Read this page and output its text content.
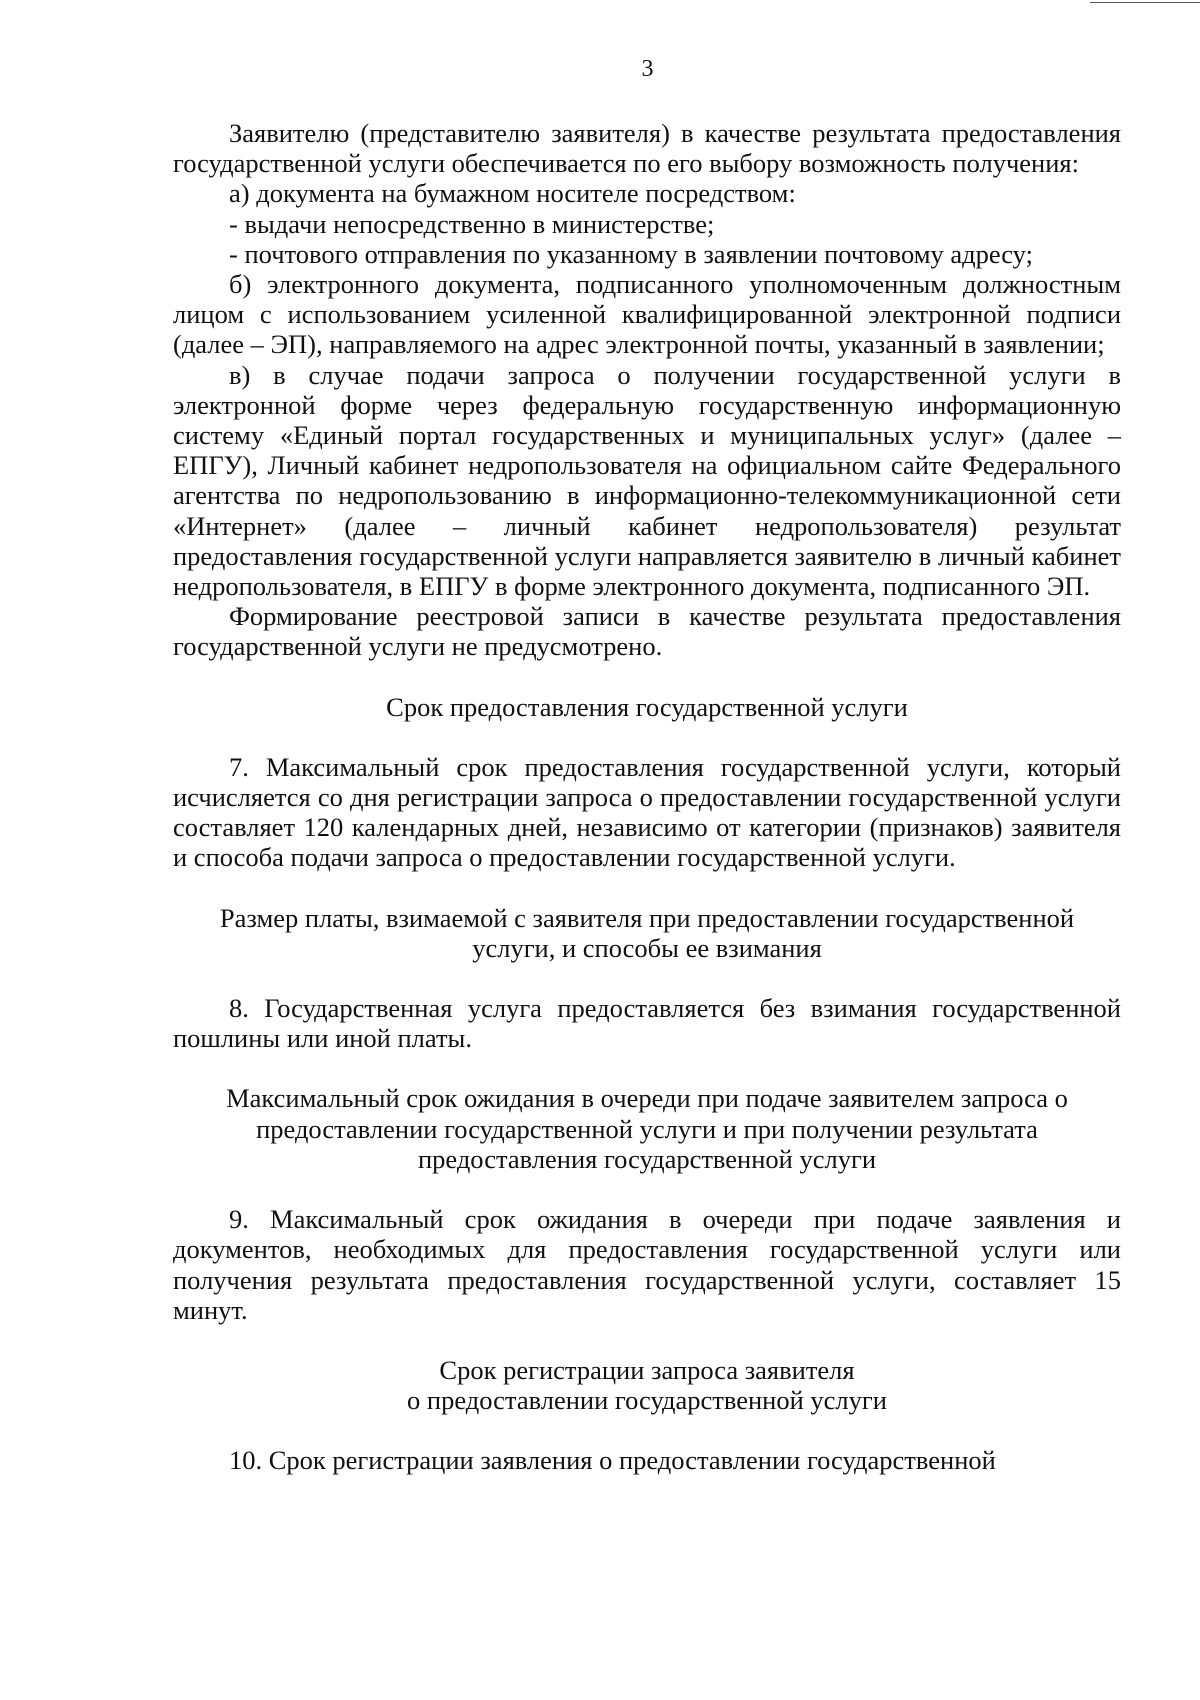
3

Заявителю (представителю заявителя) в качестве результата предоставления государственной услуги обеспечивается по его выбору возможность получения:

а) документа на бумажном носителе посредством:

- выдачи непосредственно в министерстве;

- почтового отправления по указанному в заявлении почтовому адресу;

б) электронного документа, подписанного уполномоченным должностным лицом с использованием усиленной квалифицированной электронной подписи (далее – ЭП), направляемого на адрес электронной почты, указанный в заявлении;

в) в случае подачи запроса о получении государственной услуги в электронной форме через федеральную государственную информационную систему «Единый портал государственных и муниципальных услуг» (далее – ЕПГУ), Личный кабинет недропользователя на официальном сайте Федерального агентства по недропользованию в информационно-телекоммуникационной сети «Интернет» (далее – личный кабинет недропользователя) результат предоставления государственной услуги направляется заявителю в личный кабинет недропользователя, в ЕПГУ в форме электронного документа, подписанного ЭП.

Формирование реестровой записи в качестве результата предоставления государственной услуги не предусмотрено.

Срок предоставления государственной услуги

7. Максимальный срок предоставления государственной услуги, который исчисляется со дня регистрации запроса о предоставлении государственной услуги составляет 120 календарных дней, независимо от категории (признаков) заявителя и способа подачи запроса о предоставлении государственной услуги.

Размер платы, взимаемой с заявителя при предоставлении государственной
услуги, и способы ее взимания

8. Государственная услуга предоставляется без взимания государственной пошлины или иной платы.

Максимальный срок ожидания в очереди при подаче заявителем запроса о
предоставлении государственной услуги и при получении результата
предоставления государственной услуги

9. Максимальный срок ожидания в очереди при подаче заявления и документов, необходимых для предоставления государственной услуги или получения результата предоставления государственной услуги, составляет 15 минут.

Срок регистрации запроса заявителя
о предоставлении государственной услуги

10. Срок регистрации заявления о предоставлении государственной
